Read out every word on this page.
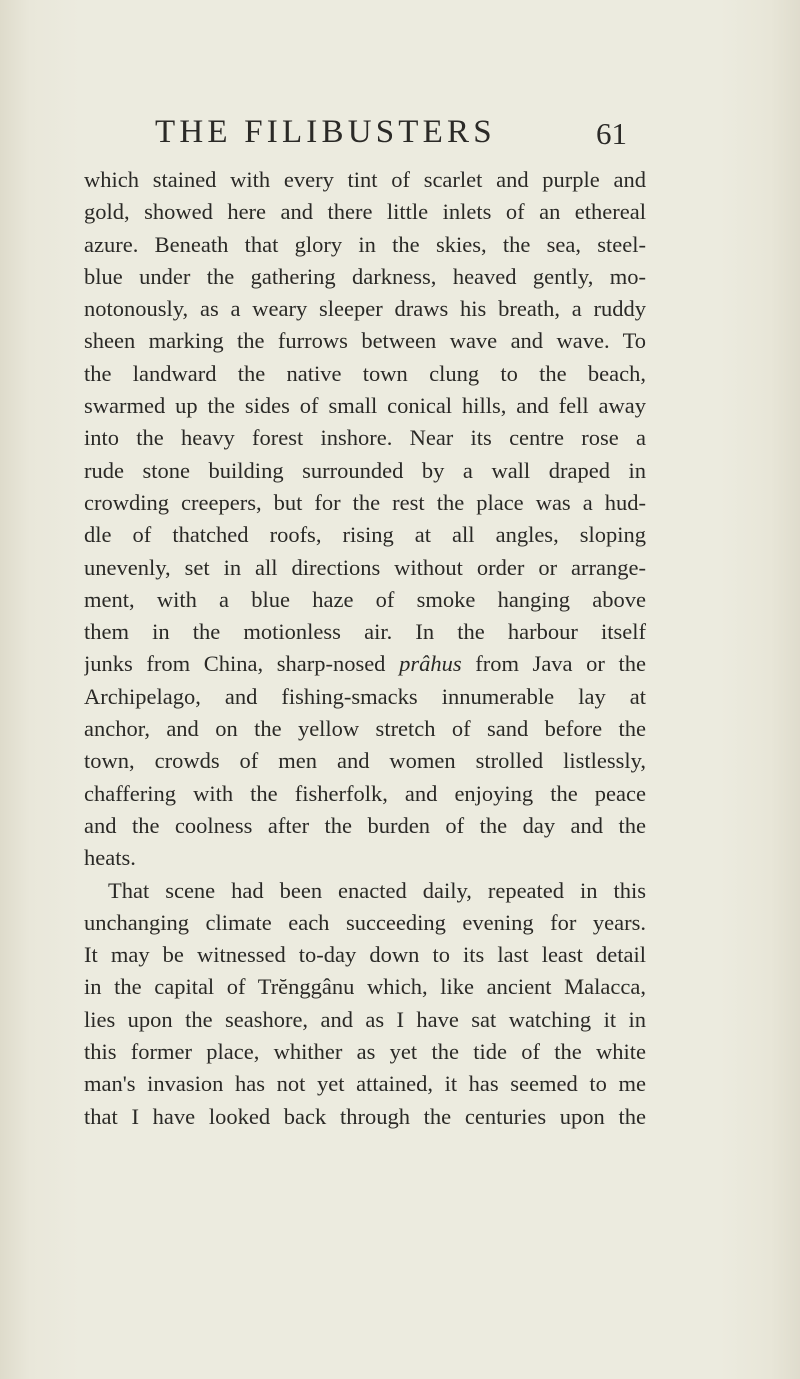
THE FILIBUSTERS	61
which stained with every tint of scarlet and purple and
gold, showed here and there little inlets of an ethereal
azure. Beneath that glory in the skies, the sea, steel-
blue under the gathering darkness, heaved gently, mo-
notonously, as a weary sleeper draws his breath, a ruddy
sheen marking the furrows between wave and wave. To
the landward the native town clung to the beach,
swarmed up the sides of small conical hills, and fell away
into the heavy forest inshore. Near its centre rose a
rude stone building surrounded by a wall draped in
crowding creepers, but for the rest the place was a hud-
dle of thatched roofs, rising at all angles, sloping
unevenly, set in all directions without order or arrange-
ment, with a blue haze of smoke hanging above
them in the motionless air. In the harbour itself
junks from China, sharp-nosed prâhus from Java or the
Archipelago, and fishing-smacks innumerable lay at
anchor, and on the yellow stretch of sand before the
town, crowds of men and women strolled listlessly,
chaffering with the fisherfolk, and enjoying the peace
and the coolness after the burden of the day and the
heats.
That scene had been enacted daily, repeated in this
unchanging climate each succeeding evening for years.
It may be witnessed to-day down to its last least detail
in the capital of Trĕnggânu which, like ancient Malacca,
lies upon the seashore, and as I have sat watching it in
this former place, whither as yet the tide of the white
man's invasion has not yet attained, it has seemed to me
that I have looked back through the centuries upon the
